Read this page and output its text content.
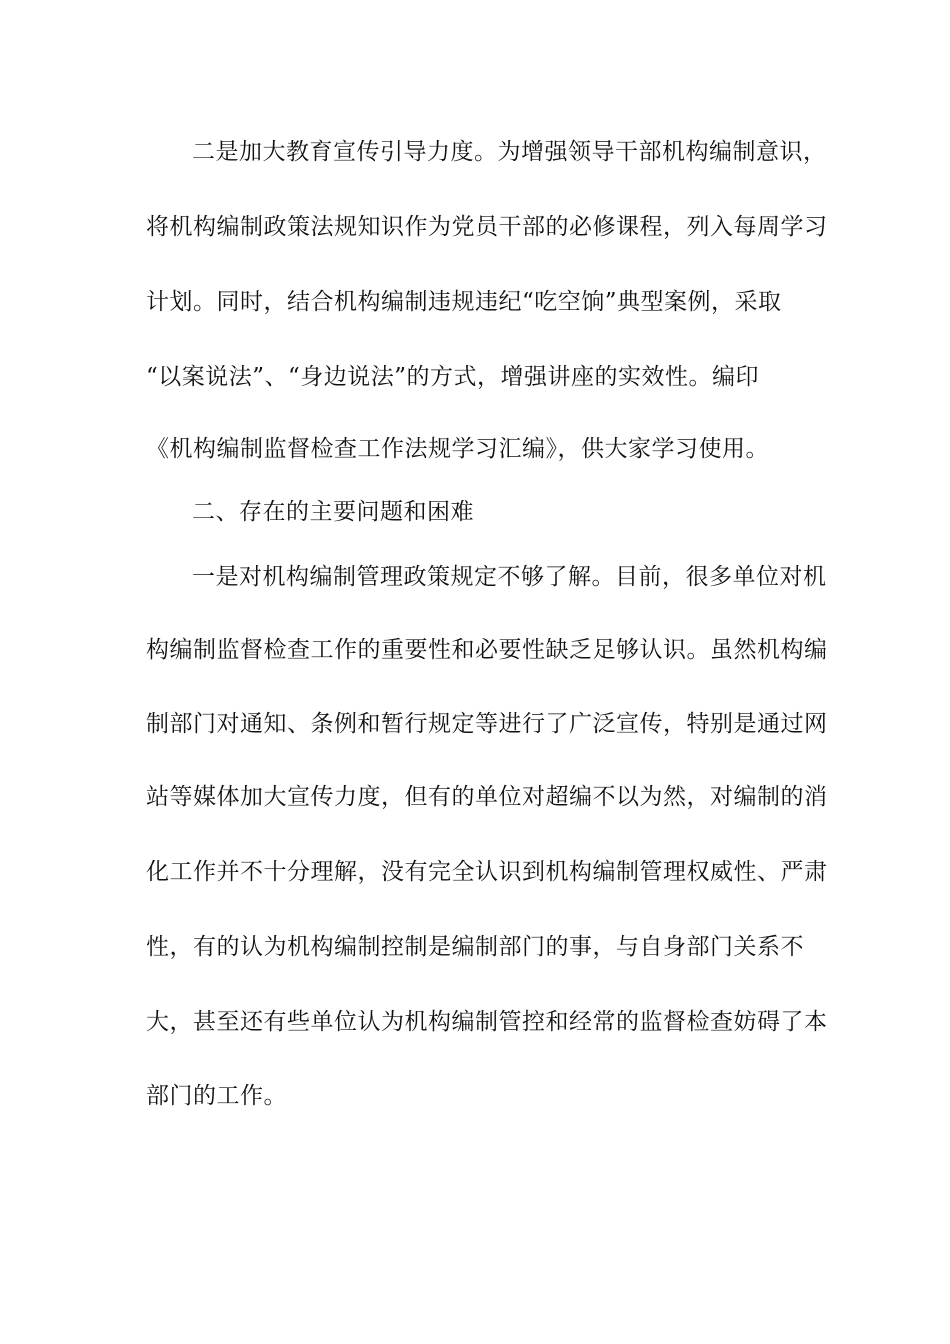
二是加大教育宣传引导力度。为增强领导干部机构编制意识，
将机构编制政策法规知识作为党员干部的必修课程，列入每周学习
计划。同时，结合机构编制违规违纪“吃空饷”典型案例，采取
“以案说法”、“身边说法”的方式，增强讲座的实效性。编印
《机构编制监督检查工作法规学习汇编》，供大家学习使用。
二、存在的主要问题和困难
一是对机构编制管理政策规定不够了解。目前，很多单位对机
构编制监督检查工作的重要性和必要性缺乏足够认识。虽然机构编
制部门对通知、条例和暂行规定等进行了广泛宣传，特别是通过网
站等媒体加大宣传力度，但有的单位对超编不以为然，对编制的消
化工作并不十分理解，没有完全认识到机构编制管理权威性、严肃
性，有的认为机构编制控制是编制部门的事，与自身部门关系不
大，甚至还有些单位认为机构编制管控和经常的监督检查妨碍了本
部门的工作。
